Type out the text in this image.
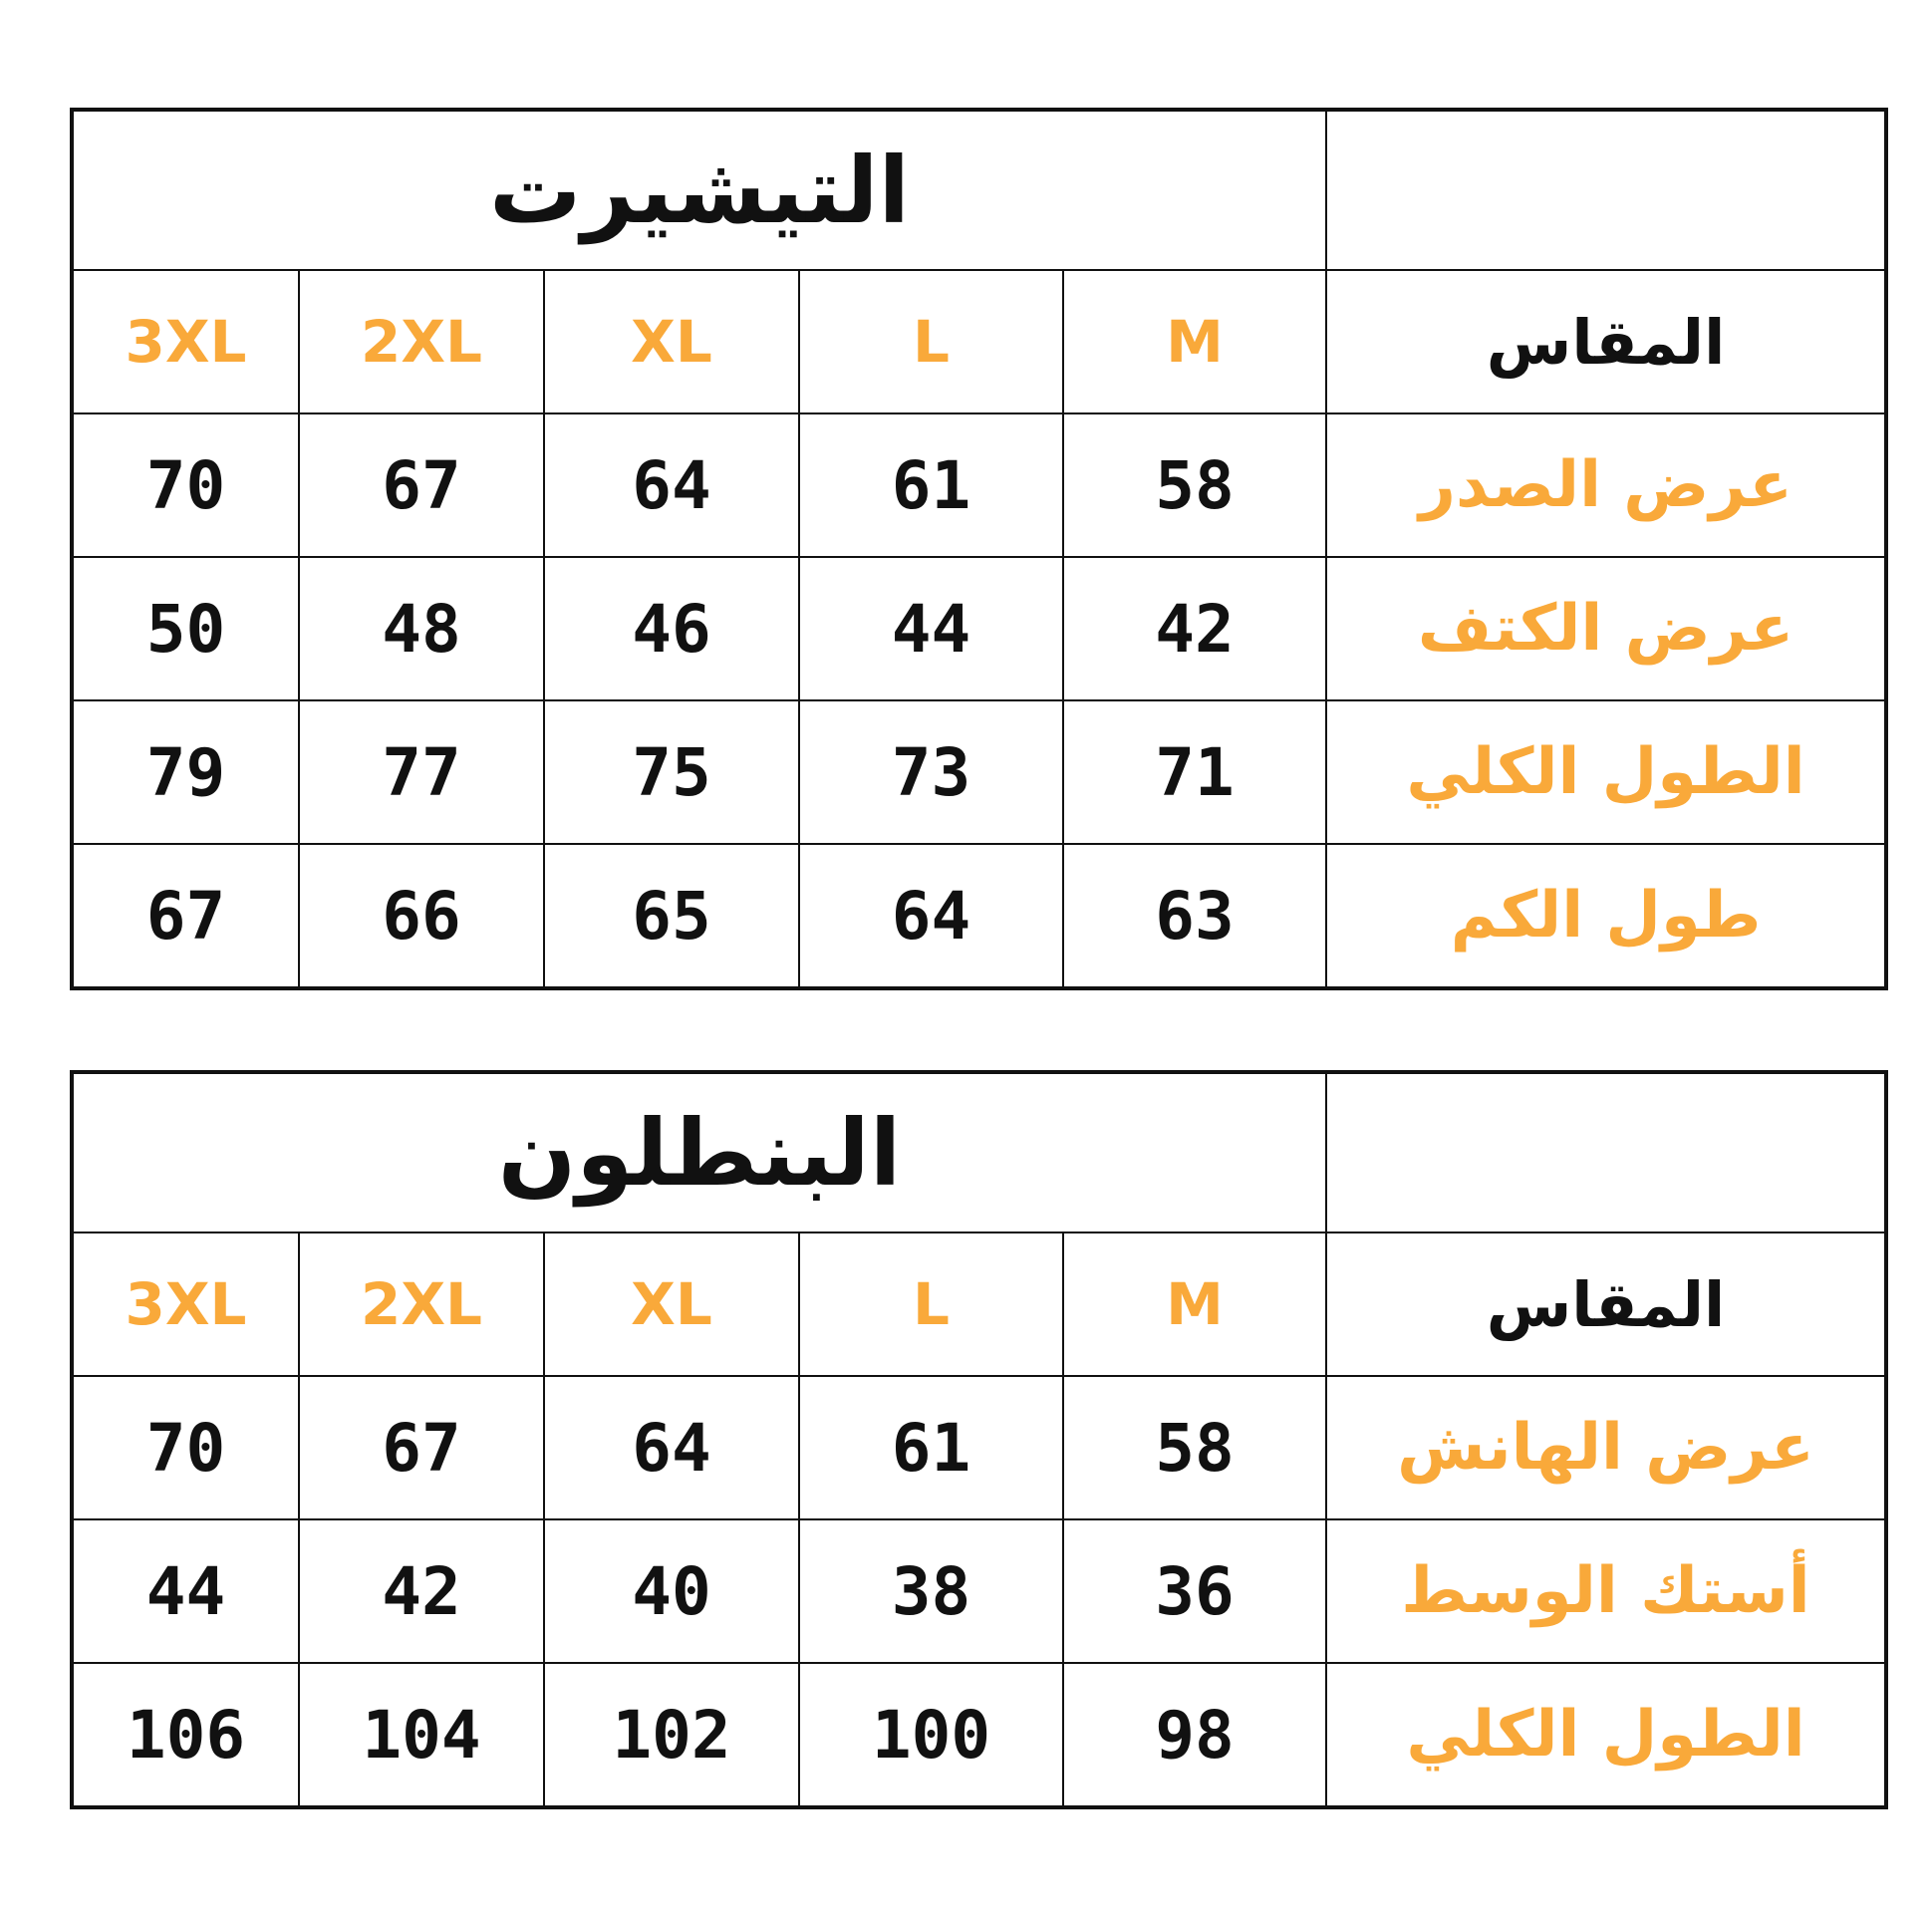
التيشيرت					
3XL	2XL	XL	L	M	المقاس
70	67	64	61	58	عرض الصدر
50	48	46	44	42	عرض الكتف
79	77	75	73	71	الطول الكلي
67	66	65	64	63	طول الكم
البنطلون					
3XL	2XL	XL	L	M	المقاس
70	67	64	61	58	عرض الهانش
44	42	40	38	36	أستك الوسط
106	104	102	100	98	الطول الكلي
